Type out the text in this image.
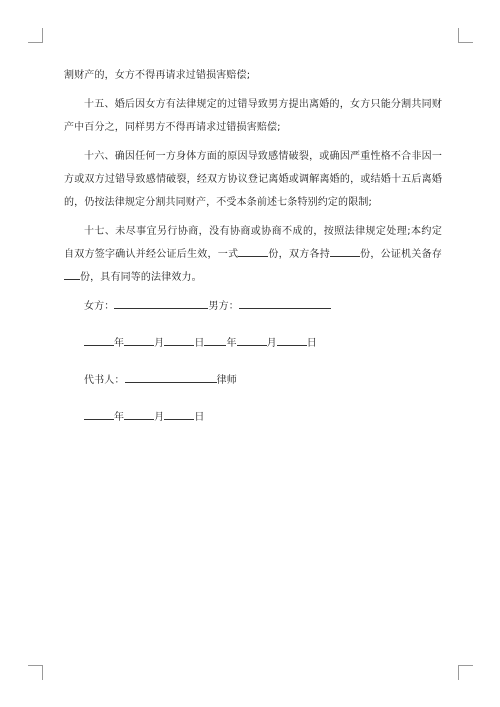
割财产的，女方不得再请求过错损害赔偿;

十五、婚后因女方有法律规定的过错导致男方提出离婚的，女方只能分割共同财产中百分之，同样男方不得再请求过错损害赔偿;

十六、确因任何一方身体方面的原因导致感情破裂，或确因严重性格不合非因一方或双方过错导致感情破裂，经双方协议登记离婚或调解离婚的，或结婚十五后离婚的，仍按法律规定分割共同财产，不受本条前述七条特别约定的限制;

十七、未尽事宜另行协商，没有协商或协商不成的，按照法律规定处理;本约定自双方签字确认并经公证后生效，一式	份，双方各持	份，公证机关备存份，具有同等的法律效力。

女方：	男方：
年	月	日 年	月	日
代书人：	律师
年	月	日
